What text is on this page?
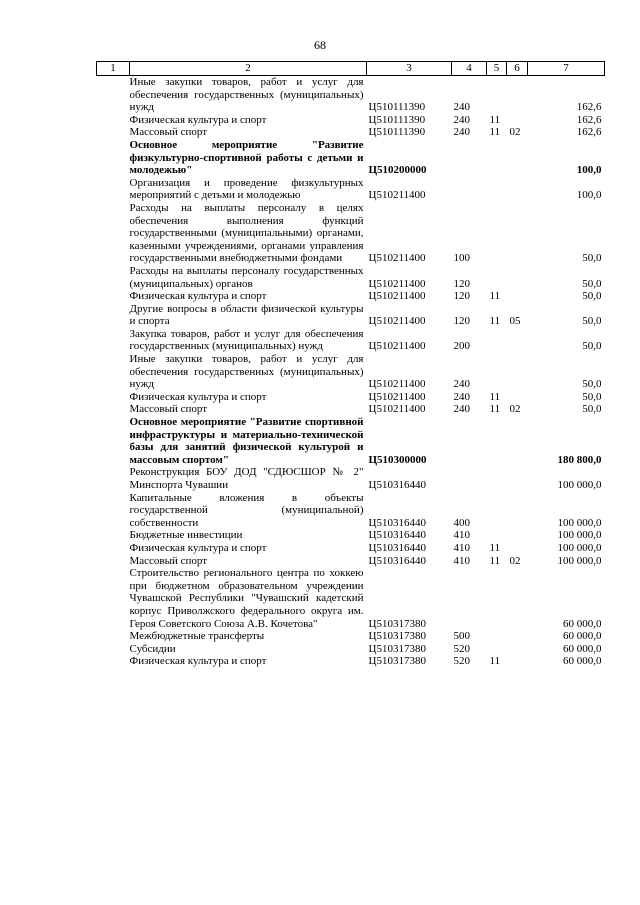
68
1	2	3	4	5	6	7
	Иные закупки товаров, работ и услуг для обеспечения государственных (муниципальных) нужд	Ц510111390	240			162,6
	Физическая культура и спорт	Ц510111390	240	11		162,6
	Массовый спорт	Ц510111390	240	11	02	162,6
	Основное мероприятие "Развитие физкультурно-спортивной работы с детьми и молодежью"	Ц510200000				100,0
	Организация и проведение физкультурных мероприятий с детьми и молодежью	Ц510211400				100,0
	Расходы на выплаты персоналу в целях обеспечения выполнения функций государственными (муниципальными) органами, казенными учреждениями, органами управления государственными внебюджетными фондами	Ц510211400	100			50,0
	Расходы на выплаты персоналу государственных (муниципальных) органов	Ц510211400	120			50,0
	Физическая культура и спорт	Ц510211400	120	11		50,0
	Другие вопросы в области физической культуры и спорта	Ц510211400	120	11	05	50,0
	Закупка товаров, работ и услуг для обеспечения государственных (муниципальных) нужд	Ц510211400	200			50,0
	Иные закупки товаров, работ и услуг для обеспечения государственных (муниципальных) нужд	Ц510211400	240			50,0
	Физическая культура и спорт	Ц510211400	240	11		50,0
	Массовый спорт	Ц510211400	240	11	02	50,0
	Основное мероприятие "Развитие спортивной инфраструктуры и материально-технической базы для занятий физической культурой и массовым спортом"	Ц510300000				180 800,0
	Реконструкция БОУ ДОД "СДЮСШОР № 2" Минспорта Чувашии	Ц510316440				100 000,0
	Капитальные вложения в объекты государственной (муниципальной) собственности	Ц510316440	400			100 000,0
	Бюджетные инвестиции	Ц510316440	410			100 000,0
	Физическая культура и спорт	Ц510316440	410	11		100 000,0
	Массовый спорт	Ц510316440	410	11	02	100 000,0
	Строительство регионального центра по хоккею при бюджетном образовательном учреждении Чувашской Республики "Чувашский кадетский корпус Приволжского федерального округа им. Героя Советского Союза А.В. Кочетова"	Ц510317380				60 000,0
	Межбюджетные трансферты	Ц510317380	500			60 000,0
	Субсидии	Ц510317380	520			60 000,0
	Физическая культура и спорт	Ц510317380	520	11		60 000,0
